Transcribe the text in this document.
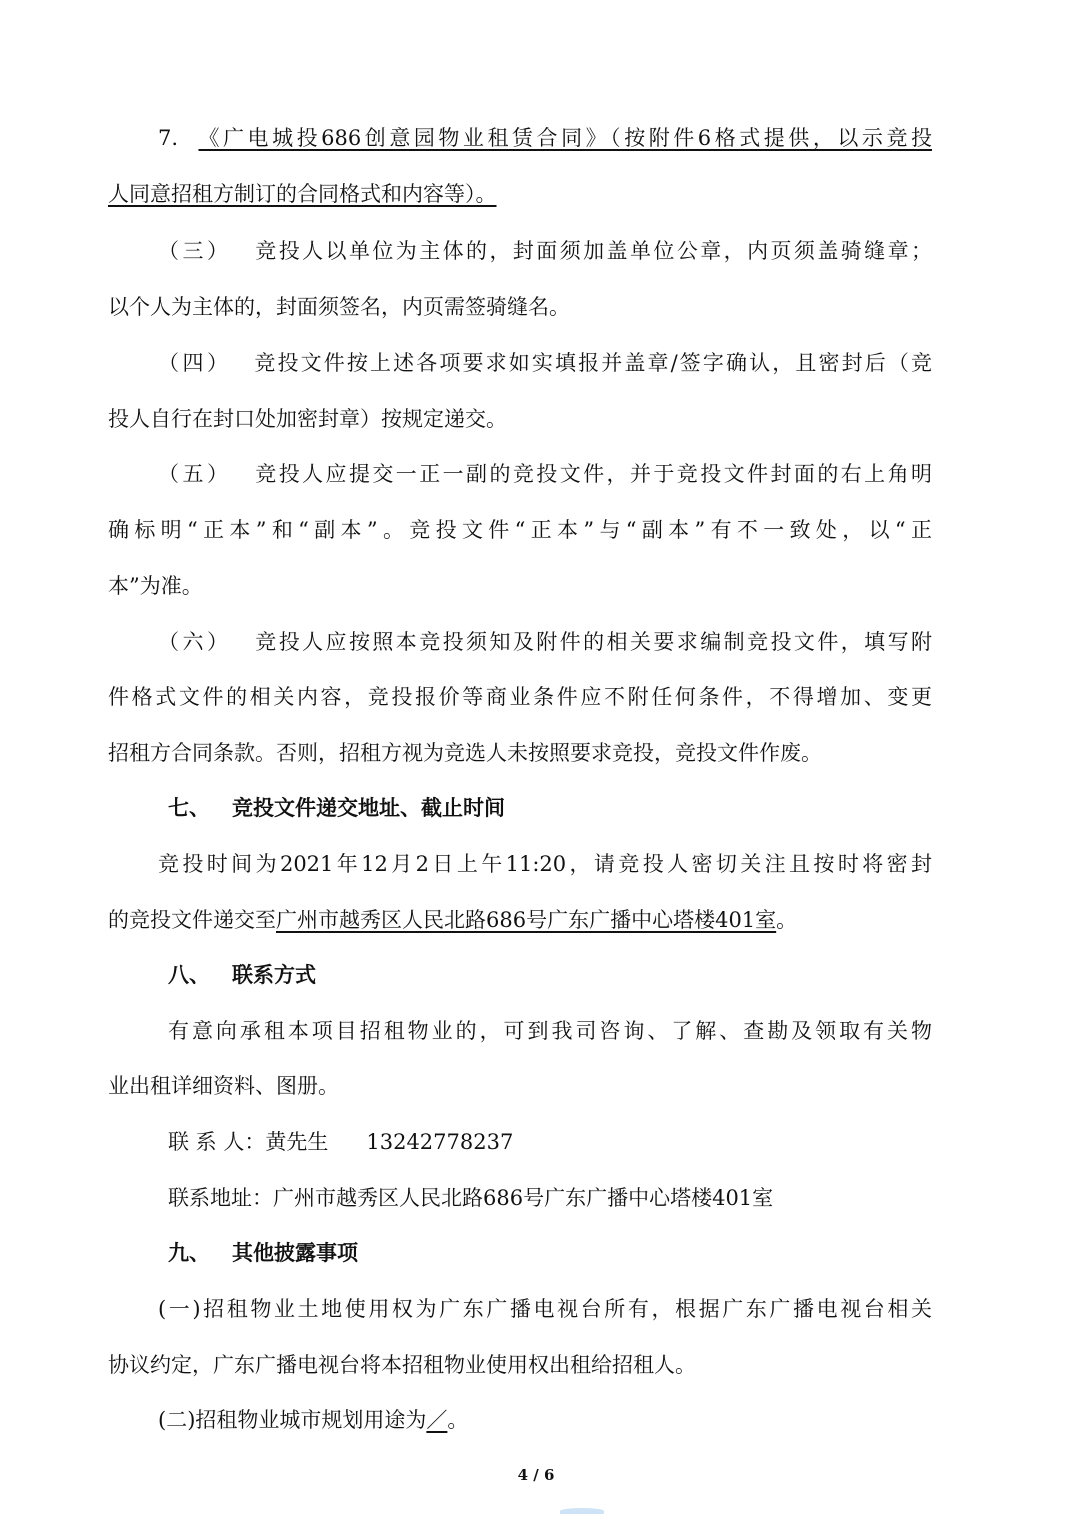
7. 《广电城投686创意园物业租赁合同》（按附件6格式提供，以示竞投
人同意招租方制订的合同格式和内容等）。
（三） 竞投人以单位为主体的，封面须加盖单位公章，内页须盖骑缝章；
以个人为主体的，封面须签名，内页需签骑缝名。
（四） 竞投文件按上述各项要求如实填报并盖章/签字确认，且密封后（竞
投人自行在封口处加密封章）按规定递交。
（五） 竞投人应提交一正一副的竞投文件，并于竞投文件封面的右上角明
确标明“正本”和“副本”。竞投文件“正本”与“副本”有不一致处，以“正
本”为准。
（六） 竞投人应按照本竞投须知及附件的相关要求编制竞投文件，填写附
件格式文件的相关内容，竞投报价等商业条件应不附任何条件，不得增加、变更
招租方合同条款。否则，招租方视为竞选人未按照要求竞投，竞投文件作废。
七、 竞投文件递交地址、截止时间
竞投时间为2021年12月2日上午11:20，请竞投人密切关注且按时将密封
的竞投文件递交至广州市越秀区人民北路686号广东广播中心塔楼401室。
八、 联系方式
有意向承租本项目招租物业的，可到我司咨询、了解、查勘及领取有关物
业出租详细资料、图册。
联 系 人：黄先生 13242778237
联系地址：广州市越秀区人民北路686号广东广播中心塔楼401室
九、 其他披露事项
(一)招租物业土地使用权为广东广播电视台所有，根据广东广播电视台相关
协议约定，广东广播电视台将本招租物业使用权出租给招租人。
(二)招租物业城市规划用途为／。
4 / 6
